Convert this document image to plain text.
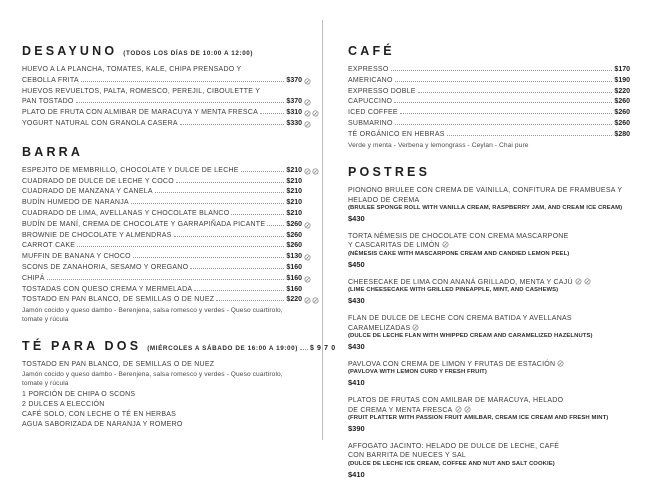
DESAYUNO (TODOS LOS DÍAS DE 10:00 A 12:00)
HUEVO A LA PLANCHA, TOMATES, KALE, CHIPA PRENSADO Y
CEBOLLA FRITA	$370
HUEVOS REVUELTOS, PALTA, ROMESCO, PEREJIL, CIBOULETTE Y
PAN TOSTADO	$370
PLATO DE FRUTA CON ALMIBAR DE MARACUYA Y MENTA FRESCA	$310
YOGURT NATURAL CON GRANOLA CASERA	$330
BARRA
ESPEJITO DE MEMBRILLO, CHOCOLATE Y DULCE DE LECHE	$210
CUADRADO DE DULCE DE LECHE Y COCO	$210
CUADRADO DE MANZANA Y CANELA	$210
BUDÍN HUMEDO DE NARANJA	$210
CUADRADO DE LIMA, AVELLANAS Y CHOCOLATE BLANCO	$210
BUDÍN DE MANÍ, CREMA DE CHOCOLATE Y GARRAPIÑADA PICANTE	$260
BROWNIE DE CHOCOLATE Y ALMENDRAS	$260
CARROT CAKE	$260
MUFFIN DE BANANA Y CHOCO	$130
SCONS DE ZANAHORIA, SESAMO Y OREGANO	$160
CHIPÁ	$160
TOSTADAS CON QUESO CREMA Y MERMELADA	$160
TOSTADO EN PAN BLANCO, DE SEMILLAS O DE NUEZ	$220
Jamón cocido y queso dambo - Berenjena, salsa romesco y verdes - Queso cuartirolo, tomate y rúcula
TÉ PARA DOS (MIÉRCOLES A SÁBADO DE 16:00 A 19:00) $970
TOSTADO EN PAN BLANCO, DE SEMILLAS O DE NUEZ
Jamón cocido y queso dambo - Berenjena, salsa romesco y verdes - Queso cuartirolo, tomate y rúcula
1 PORCIÓN DE CHIPA O SCONS
2 DULCES A ELECCIÓN
CAFÉ SOLO, CON LECHE O TÉ EN HERBAS
AGUA SABORIZADA DE NARANJA Y ROMERO
CAFÉ
EXPRESSO	$170
AMERICANO	$190
EXPRESSO DOBLE	$220
CAPUCCINO	$260
ICED COFFEE	$260
SUBMARINO	$260
TÉ ORGÁNICO EN HEBRAS	$280
Verde y menta - Verbena y lemongrass - Ceylan - Chai pure
POSTRES
PIONONO BRULEE CON CREMA DE VAINILLA, CONFITURA DE FRAMBUESA Y
HELADO DE CREMA
(BRULEE SPONGE ROLL WITH VANILLA CREAM, RASPBERRY JAM, AND CREAM ICE CREAM)
$430
TORTA NÉMESIS DE CHOCOLATE CON CREMA MASCARPONE
Y CASCARITAS DE LIMÓN
(NÉMESIS CAKE WITH MASCARPONE CREAM AND CANDIED LEMON PEEL)
$450
CHEESECAKE DE LIMA CON ANANÁ GRILLADO, MENTA Y CAJÚ
(LIME CHEESECAKE WITH GRILLED PINEAPPLE, MINT, AND CASHEWS)
$430
FLAN DE DULCE DE LECHE CON CREMA BATIDA Y AVELLANAS
CARAMELIZADAS
(DULCE DE LECHE FLAN WITH WHIPPED CREAM AND CARAMELIZED HAZELNUTS)
$430
PAVLOVA CON CREMA DE LIMON Y FRUTAS DE ESTACIÓN
(PAVLOVA WITH LEMON CURD Y FRESH FRUIT)
$410
PLATOS DE FRUTAS CON AMILBAR DE MARACUYA, HELADO
DE CREMA Y MENTA FRESCA
(FRUIT PLATTER WITH PASSION FRUIT AMILBAR, CREAM ICE CREAM AND FRESH MINT)
$390
AFFOGATO JACINTO: HELADO DE DULCE DE LECHE, CAFÉ
CON BARRITA DE NUECES Y SAL
(DULCE DE LECHE ICE CREAM, COFFEE AND NUT AND SALT COOKIE)
$410
